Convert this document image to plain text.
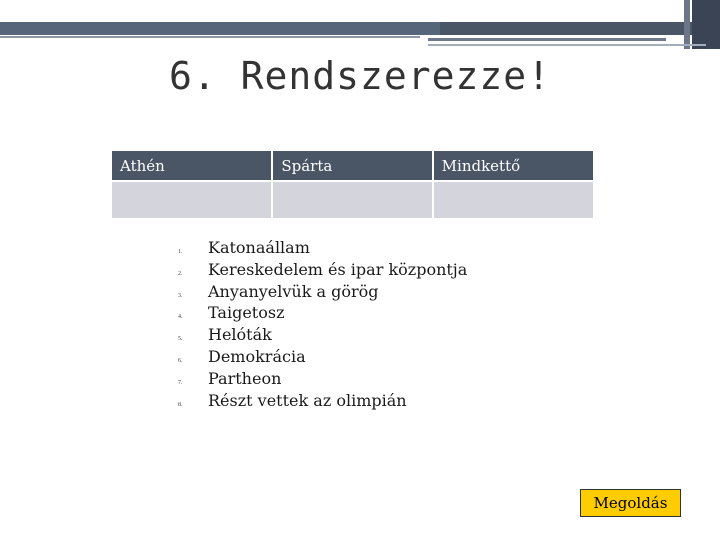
6. Rendszerezze!
Athén	Spárta	Mindkettő

1.	Katonaállam
2.	Kereskedelem és ipar központja
3.	Anyanyelvük a görög
4.	Taigetosz
5.	Helóták
6.	Demokrácia
7.	Partheon
8.	Részt vettek az olimpián
Megoldás
